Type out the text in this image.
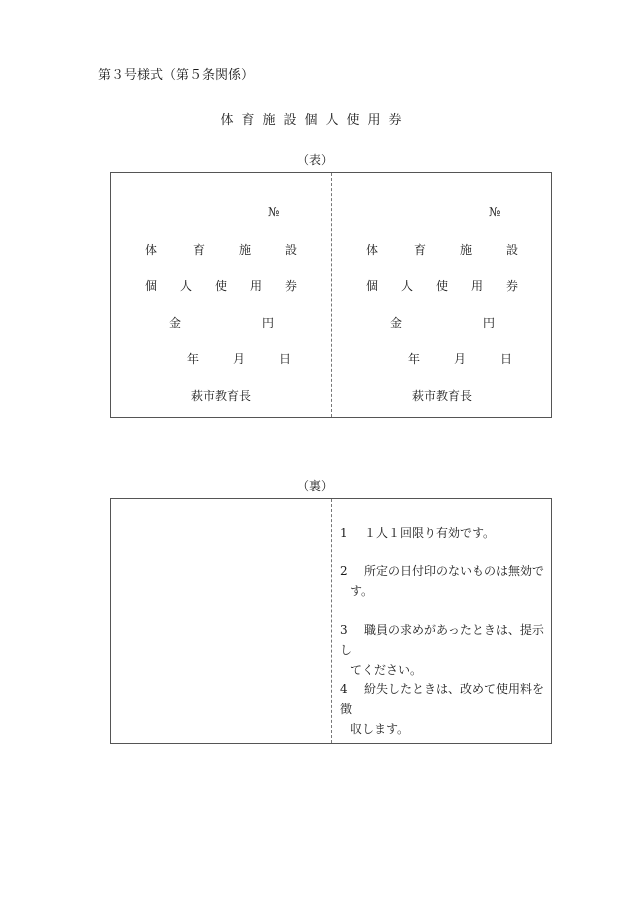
第３号様式（第５条関係）
体育施設個人使用券
（表）
№
体	育	施	設
個 人 使 用 券
金	円
年	月	日
萩市教育長
№
体	育	施	設
個 人 使 用 券
金	円
年	月	日
萩市教育長
（裏）
1 １人１回限り有効です。
2 所定の日付印のないものは無効で
す。
3 職員の求めがあったときは、提示し
てください。
4 紛失したときは、改めて使用料を徴
収します。
